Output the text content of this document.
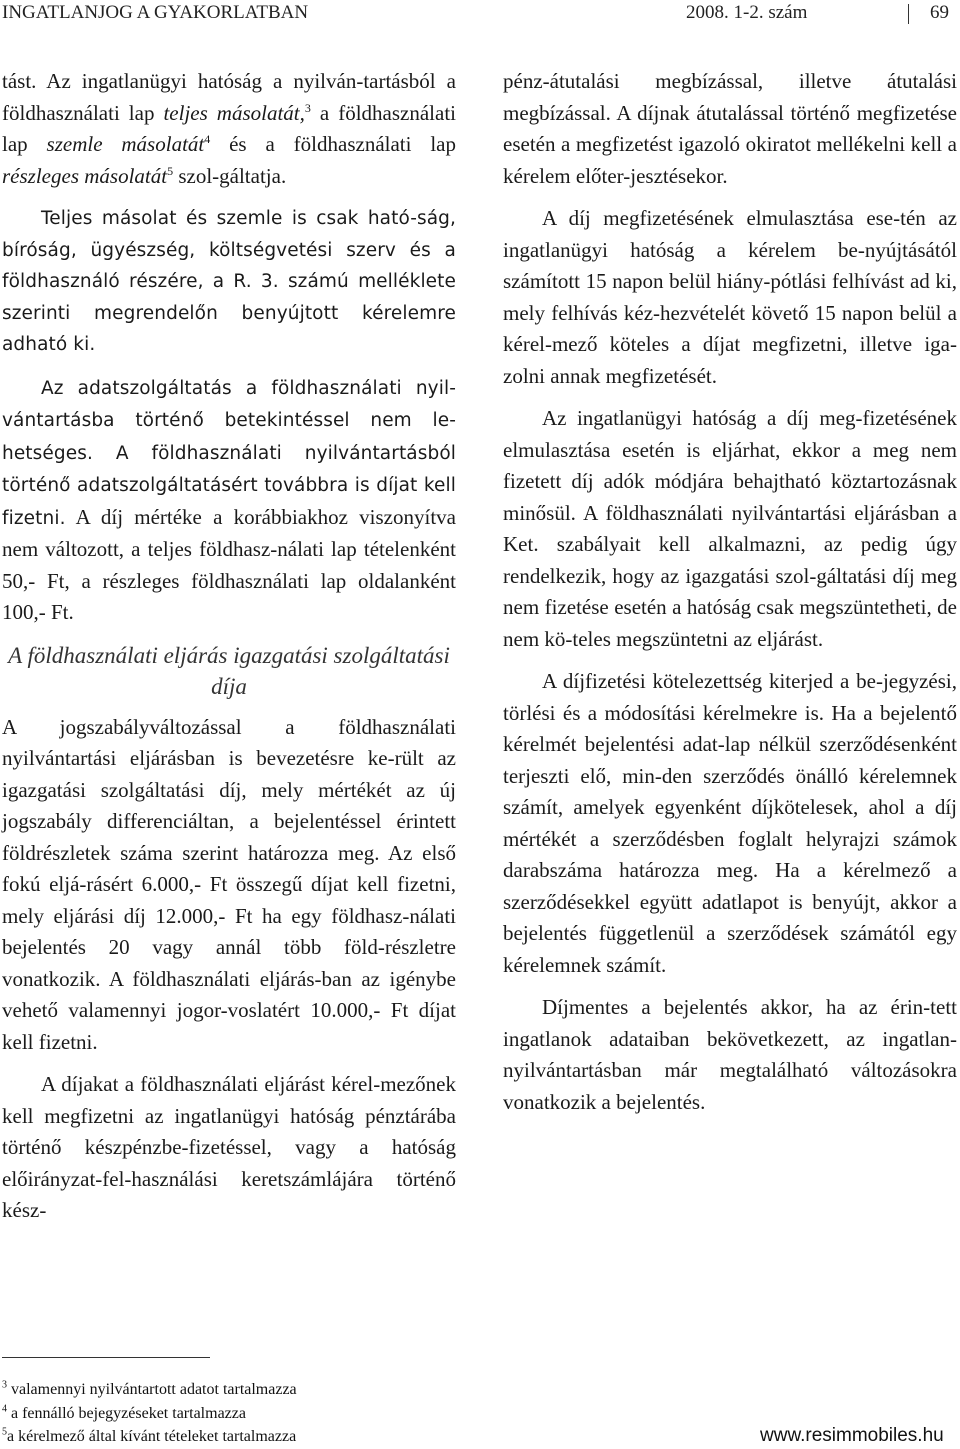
INGATLANJOG A GYAKORLATBAN	2008. 1-2. szám	69

tást. Az ingatlanügyi hatóság a nyilván-tartásból a földhasználati lap teljes másolatát,$^3$ a földhasználati lap szemle másolatát$^4$ és a földhasználati lap részleges másolatát$^5$ szol-gáltatja.

Teljes másolat és szemle is csak ható-ság, bíróság, ügyészség, költségvetési szerv és a földhasználó részére, a R. 3. számú melléklete szerinti megrendelőn benyújtott kérelemre adható ki.

Az adatszolgáltatás a földhasználati nyil-vántartásba történő betekintéssel nem le-hetséges. A földhasználati nyilvántartásból történő adatszolgáltatásért továbbra is díjat kell fizetni. A díj mértéke a korábbiakhoz viszonyítva nem változott, a teljes földhasz-nálati lap tételenként 50,- Ft, a részleges földhasználati lap oldalanként 100,- Ft.

A földhasználati eljárás igazgatási szolgáltatási díja

A jogszabályváltozással a földhasználati nyilvántartási eljárásban is bevezetésre ke-rült az igazgatási szolgáltatási díj, mely mértékét az új jogszabály differenciáltan, a bejelentéssel érintett földrészletek száma szerint határozza meg. Az első fokú eljá-rásért 6.000,- Ft összegű díjat kell fizetni, mely eljárási díj 12.000,- Ft ha egy földhasz-nálati bejelentés 20 vagy annál több föld-részletre vonatkozik. A földhasználati eljárás-ban az igénybe vehető valamennyi jogor-voslatért 10.000,- Ft díjat kell fizetni.

A díjakat a földhasználati eljárást kérel-mezőnek kell megfizetni az ingatlanügyi hatóság pénztárába történő készpénzbe-fizetéssel, vagy a hatóság előirányzat-fel-használási keretszámlájára történő kész-

pénz-átutalási megbízással, illetve átutalási megbízással. A díjnak átutalással történő megfizetése esetén a megfizetést igazoló okiratot mellékelni kell a kérelem előter-jesztésekor.

A díj megfizetésének elmulasztása ese-tén az ingatlanügyi hatóság a kérelem be-nyújtásától számított 15 napon belül hiány-pótlási felhívást ad ki, mely felhívás kéz-hezvételét követő 15 napon belül a kérel-mező köteles a díjat megfizetni, illetve iga-zolni annak megfizetését.

Az ingatlanügyi hatóság a díj meg-fizetésének elmulasztása esetén is eljárhat, ekkor a meg nem fizetett díj adók módjára behajtható köztartozásnak minősül. A földhasználati nyilvántartási eljárásban a Ket. szabályait kell alkalmazni, az pedig úgy rendelkezik, hogy az igazgatási szol-gáltatási díj meg nem fizetése esetén a hatóság csak megszüntetheti, de nem kö-teles megszüntetni az eljárást.

A díjfizetési kötelezettség kiterjed a be-jegyzési, törlési és a módosítási kérelmekre is. Ha a bejelentő kérelmét bejelentési adat-lap nélkül szerződésenként terjeszti elő, min-den szerződés önálló kérelemnek számít, amelyek egyenként díjkötelesek, ahol a díj mértékét a szerződésben foglalt helyrajzi számok darabszáma határozza meg. Ha a kérelmező a szerződésekkel együtt adatlapot is benyújt, akkor a bejelentés függetlenül a szerződések számától egy kérelemnek számít.

Díjmentes a bejelentés akkor, ha az érin-tett ingatlanok adataiban bekövetkezett, az ingatlan-nyilvántartásban már megtalálható változásokra vonatkozik a bejelentés.

$^3$ valamennyi nyilvántartott adatot tartalmazza
$^4$ a fennálló bejegyzéseket tartalmazza
$^5$a kérelmező által kívánt tételeket tartalmazza	www.resimmobiles.hu
